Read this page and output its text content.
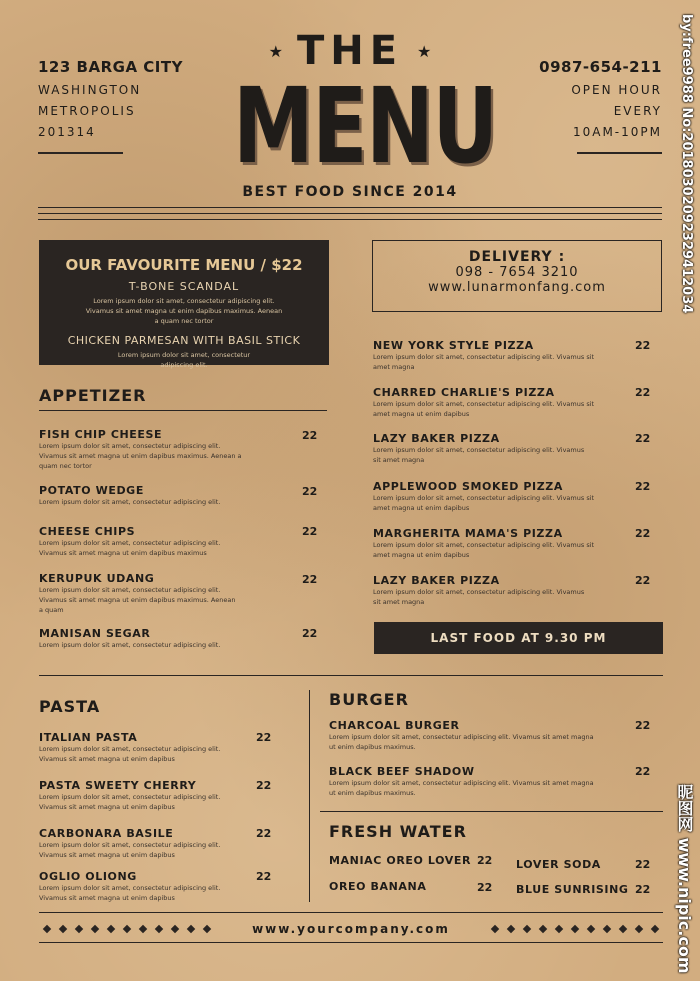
123 BARGA CITY
WASHINGTON
METROPOLIS
201314
0987-654-211
OPEN HOUR
EVERY
10AM-10PM
★ THE ★
MENU
BEST FOOD SINCE 2014
OUR FAVOURITE MENU / $22
T-BONE SCANDAL
Lorem ipsum dolor sit amet, consectetur adipiscing elit. Vivamus sit amet magna ut enim dapibus maximus. Aenean a quam nec tortor
CHICKEN PARMESAN WITH BASIL STICK
Lorem ipsum dolor sit amet, consectetur adipiscing elit.
DELIVERY :
098 - 7654 3210
www.lunarmonfang.com
APPETIZER
FISH CHIP CHEESE
Lorem ipsum dolor sit amet, consectetur adipiscing elit. Vivamus sit amet magna ut enim dapibus maximus. Aenean a quam nec tortor
22
POTATO WEDGE
Lorem ipsum dolor sit amet, consectetur adipiscing elit.
22
CHEESE CHIPS
Lorem ipsum dolor sit amet, consectetur adipiscing elit. Vivamus sit amet magna ut enim dapibus maximus
22
KERUPUK UDANG
Lorem ipsum dolor sit amet, consectetur adipiscing elit. Vivamus sit amet magna ut enim dapibus maximus. Aenean a quam
22
MANISAN SEGAR
Lorem ipsum dolor sit amet, consectetur adipiscing elit.
22
NEW YORK STYLE PIZZA
Lorem ipsum dolor sit amet, consectetur adipiscing elit. Vivamus sit amet magna
22
CHARRED CHARLIE'S PIZZA
Lorem ipsum dolor sit amet, consectetur adipiscing elit. Vivamus sit amet magna ut enim dapibus
22
LAZY BAKER PIZZA
Lorem ipsum dolor sit amet, consectetur adipiscing elit. Vivamus sit amet magna
22
APPLEWOOD SMOKED PIZZA
Lorem ipsum dolor sit amet, consectetur adipiscing elit. Vivamus sit amet magna ut enim dapibus
22
MARGHERITA MAMA'S PIZZA
Lorem ipsum dolor sit amet, consectetur adipiscing elit. Vivamus sit amet magna ut enim dapibus
22
LAZY BAKER PIZZA
Lorem ipsum dolor sit amet, consectetur adipiscing elit. Vivamus sit amet magna
22
LAST FOOD AT 9.30 PM
PASTA
ITALIAN PASTA
Lorem ipsum dolor sit amet, consectetur adipiscing elit. Vivamus sit amet magna ut enim dapibus
22
PASTA SWEETY CHERRY
Lorem ipsum dolor sit amet, consectetur adipiscing elit. Vivamus sit amet magna ut enim dapibus
22
CARBONARA BASILE
Lorem ipsum dolor sit amet, consectetur adipiscing elit. Vivamus sit amet magna ut enim dapibus
22
OGLIO OLIONG
Lorem ipsum dolor sit amet, consectetur adipiscing elit. Vivamus sit amet magna ut enim dapibus
22
BURGER
CHARCOAL BURGER
Lorem ipsum dolor sit amet, consectetur adipiscing elit. Vivamus sit amet magna ut enim dapibus maximus.
22
BLACK BEEF SHADOW
Lorem ipsum dolor sit amet, consectetur adipiscing elit. Vivamus sit amet magna ut enim dapibus maximus.
22
FRESH WATER
MANIAC OREO LOVER 22
OREO BANANA	22
LOVER SODA	22
BLUE SUNRISING 22
www.yourcompany.com
by:free9988 No:20180302092329412034
昵图网 www.nipic.com
